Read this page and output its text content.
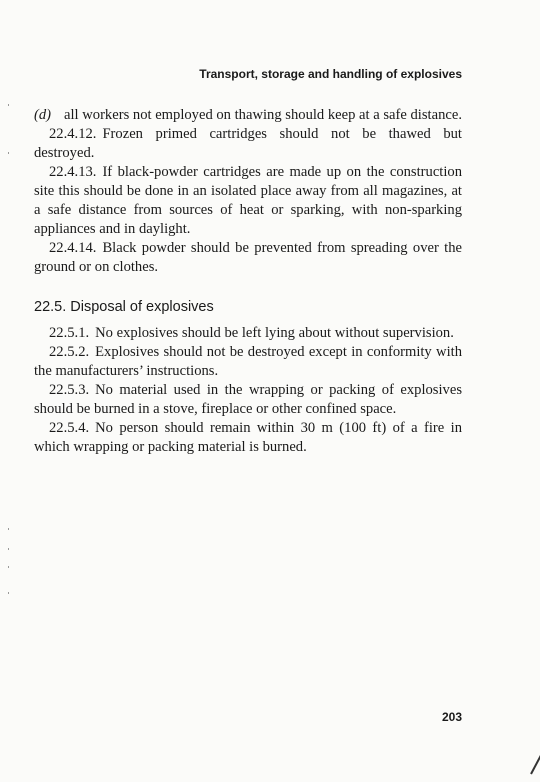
Transport, storage and handling of explosives

(d) all workers not employed on thawing should keep at a safe distance.

22.4.12. Frozen primed cartridges should not be thawed but destroyed.

22.4.13. If black-powder cartridges are made up on the construction site this should be done in an isolated place away from all magazines, at a safe distance from sources of heat or sparking, with non-sparking appliances and in daylight.

22.4.14. Black powder should be prevented from spreading over the ground or on clothes.

22.5. Disposal of explosives

22.5.1. No explosives should be left lying about without supervision.

22.5.2. Explosives should not be destroyed except in conformity with the manufacturers’ instructions.

22.5.3. No material used in the wrapping or packing of explosives should be burned in a stove, fireplace or other confined space.

22.5.4. No person should remain within 30 m (100 ft) of a fire in which wrapping or packing material is burned.

203
